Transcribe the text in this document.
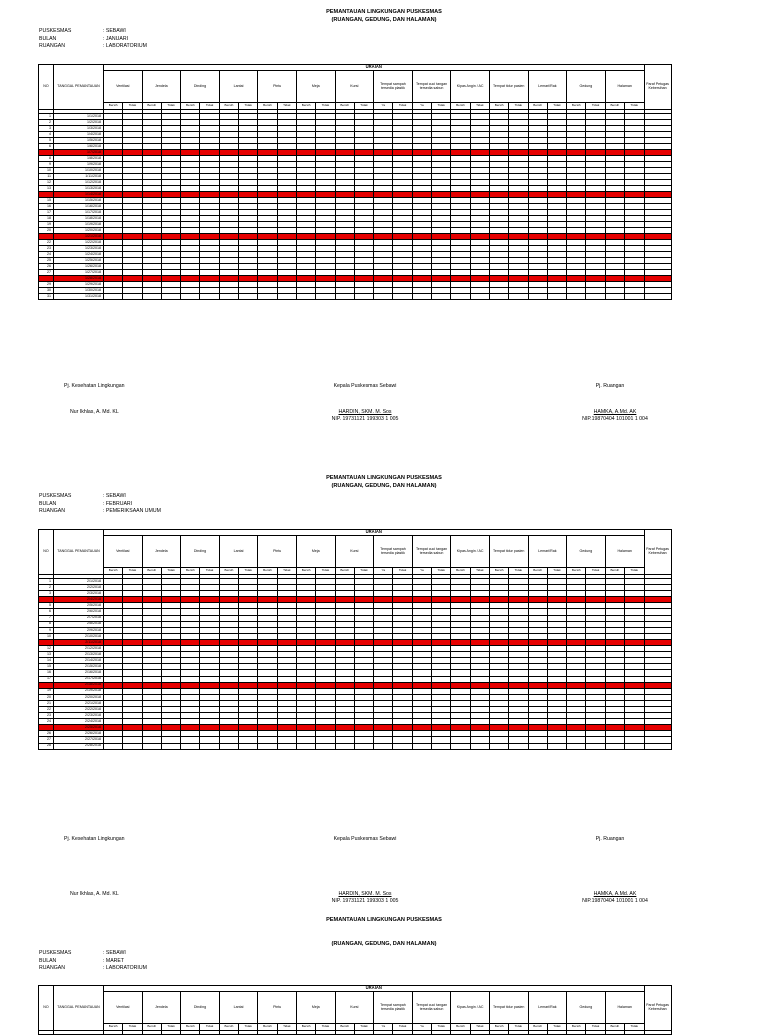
PEMANTAUAN LINGKUNGAN PUSKESMAS
(RUANGAN, GEDUNG, DAN HALAMAN)
PUSKESMAS	: SEBAWI
BULAN	: JANUARI
RUANGAN	: LABORATORIUM
NO	TANGGAL PEMANTAUAN	URAIAN																												Paraf Petugas Kebersihan
		Ventilasi		Jendela		Dinding		Lantai		Pintu		Meja		Kursi		Tempat sampah tersedia plastik		Tempat cuci tangan tersedia sabun		Kipas Angin / AC		Tempat tidur pasien		Lemari/Rak		Gedung		Halaman		
		Bersih	Tidak	Bersih	Tidak	Bersih	Tidak	Bersih	Tidak	Bersih	Tidak	Bersih	Tidak	Bersih	Tidak	Ya	Tidak	Ya	Tidak	Bersih	Tidak	Bersih	Tidak	Bersih	Tidak	Bersih	Tidak	Bersih	Tidak	

1	1/1/2018																													
2	1/2/2018																													
3	1/3/2018																													
4	1/4/2018																													
5	1/5/2018																													
6	1/6/2018																													
	1/7/2018																													
8	1/8/2018																													
9	1/9/2018																													
10	1/10/2018																													
11	1/11/2018																													
12	1/12/2018																													
13	1/13/2018																													
	1/14/2018																													
15	1/15/2018																													
16	1/16/2018																													
17	1/17/2018																													
18	1/18/2018																													
19	1/19/2018																													
20	1/20/2018																													
	1/21/2018																													
22	1/22/2018																													
23	1/23/2018																													
24	1/24/2018																													
25	1/25/2018																													
26	1/26/2018																													
27	1/27/2018																													
	1/28/2018																													
29	1/29/2018																													
30	1/30/2018																													
31	1/31/2018																													
Pj. Kesehatan Lingkungan	Kepala Puskesmas Sebawi	Pj. Ruangan
Nur Ikhlas, A. Md. KL	HARDIN, SKM. M. Sos
NIP. 19731121 199303 1 005
HAMKA, A.Md. AK
NIP.19870404 101001 1 004
PEMANTAUAN LINGKUNGAN PUSKESMAS
(RUANGAN, GEDUNG, DAN HALAMAN)
PUSKESMAS	: SEBAWI
BULAN	: FEBRUARI
RUANGAN	: PEMERIKSAAN UMUM
NO	TANGGAL PEMANTAUAN	URAIAN																												Paraf Petugas Kebersihan
		Ventilasi		Jendela		Dinding		Lantai		Pintu		Meja		Kursi		Tempat sampah tersedia plastik		Tempat cuci tangan tersedia sabun		Kipas Angin / AC		Tempat tidur pasien		Lemari/Rak		Gedung		Halaman		
		Bersih	Tidak	Bersih	Tidak	Bersih	Tidak	Bersih	Tidak	Bersih	Tidak	Bersih	Tidak	Bersih	Tidak	Ya	Tidak	Ya	Tidak	Bersih	Tidak	Bersih	Tidak	Bersih	Tidak	Bersih	Tidak	Bersih	Tidak	

1	2/1/2018																													
2	2/2/2018																													
3	2/3/2018																													
	2/4/2018																													
5	2/5/2018																													
6	2/6/2018																													
7	2/7/2018																													
8	2/8/2018																													
9	2/9/2018																													
10	2/10/2018																													
	2/11/2018																													
12	2/12/2018																													
13	2/13/2018																													
14	2/14/2018																													
15	2/15/2018																													
16	2/16/2018																													
17	2/17/2018																													
	2/18/2018																													
19	2/19/2018																													
20	2/20/2018																													
21	2/21/2018																													
22	2/22/2018																													
23	2/23/2018																													
24	2/24/2018																													
	2/25/2018																													
26	2/26/2018																													
27	2/27/2018																													
28	2/28/2018																													
Pj. Kesehatan Lingkungan	Kepala Puskesmas Sebawi	Pj. Ruangan
Nur Ikhlas, A. Md. KL	HARDIN, SKM. M. Sos
NIP. 19731121 199303 1 005
HAMKA, A.Md. AK
NIP.19870404 101001 1 004
PEMANTAUAN LINGKUNGAN PUSKESMAS
(RUANGAN, GEDUNG, DAN HALAMAN)
PUSKESMAS	: SEBAWI
BULAN	: MARET
RUANGAN	: LABORATORIUM
NO	TANGGAL PEMANTAUAN	URAIAN																												Paraf Petugas Kebersihan
		Ventilasi		Jendela		Dinding		Lantai		Pintu		Meja		Kursi		Tempat sampah tersedia plastik		Tempat cuci tangan tersedia sabun		Kipas Angin / AC		Tempat tidur pasien		Lemari/Rak		Gedung		Halaman		
		Bersih	Tidak	Bersih	Tidak	Bersih	Tidak	Bersih	Tidak	Bersih	Tidak	Bersih	Tidak	Bersih	Tidak	Ya	Tidak	Ya	Tidak	Bersih	Tidak	Bersih	Tidak	Bersih	Tidak	Bersih	Tidak	Bersih	Tidak	
